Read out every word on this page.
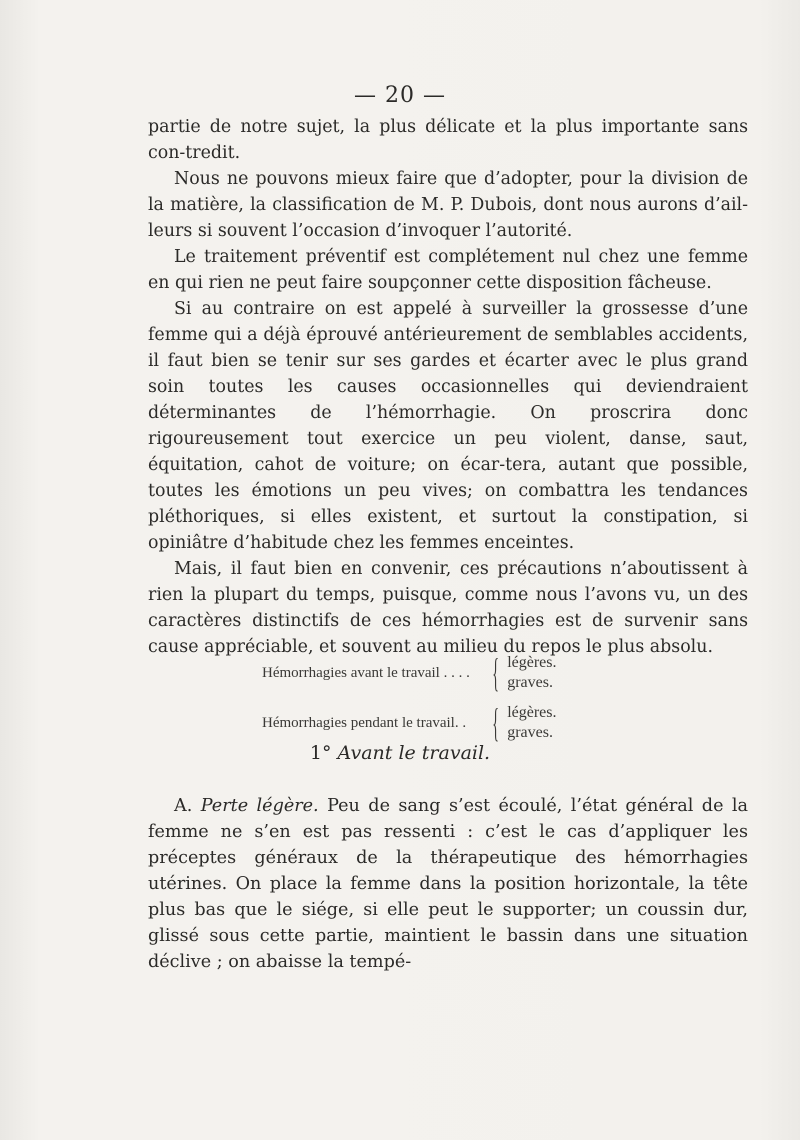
— 20 —

partie de notre sujet, la plus délicate et la plus importante sans con-tredit.

Nous ne pouvons mieux faire que d’adopter, pour la division de la matière, la classification de M. P. Dubois, dont nous aurons d’ail-leurs si souvent l’occasion d’invoquer l’autorité.

Le traitement préventif est complétement nul chez une femme en qui rien ne peut faire soupçonner cette disposition fâcheuse.

Si au contraire on est appelé à surveiller la grossesse d’une femme qui a déjà éprouvé antérieurement de semblables accidents, il faut bien se tenir sur ses gardes et écarter avec le plus grand soin toutes les causes occasionnelles qui deviendraient déterminantes de l’hémorrhagie. On proscrira donc rigoureusement tout exercice un peu violent, danse, saut, équitation, cahot de voiture; on écar-tera, autant que possible, toutes les émotions un peu vives; on combattra les tendances pléthoriques, si elles existent, et surtout la constipation, si opiniâtre d’habitude chez les femmes enceintes.

Mais, il faut bien en convenir, ces précautions n’aboutissent à rien la plupart du temps, puisque, comme nous l’avons vu, un des caractères distinctifs de ces hémorrhagies est de survenir sans cause appréciable, et souvent au milieu du repos le plus absolu.

Hémorrhagies avant le travail . . . . { légères.
graves.
Hémorrhagies pendant le travail. . { légères.
graves.
1° Avant le travail.

A. Perte légère. Peu de sang s’est écoulé, l’état général de la femme ne s’en est pas ressenti : c’est le cas d’appliquer les préceptes généraux de la thérapeutique des hémorrhagies utérines. On place la femme dans la position horizontale, la tête plus bas que le siége, si elle peut le supporter; un coussin dur, glissé sous cette partie, maintient le bassin dans une situation déclive ; on abaisse la tempé-
